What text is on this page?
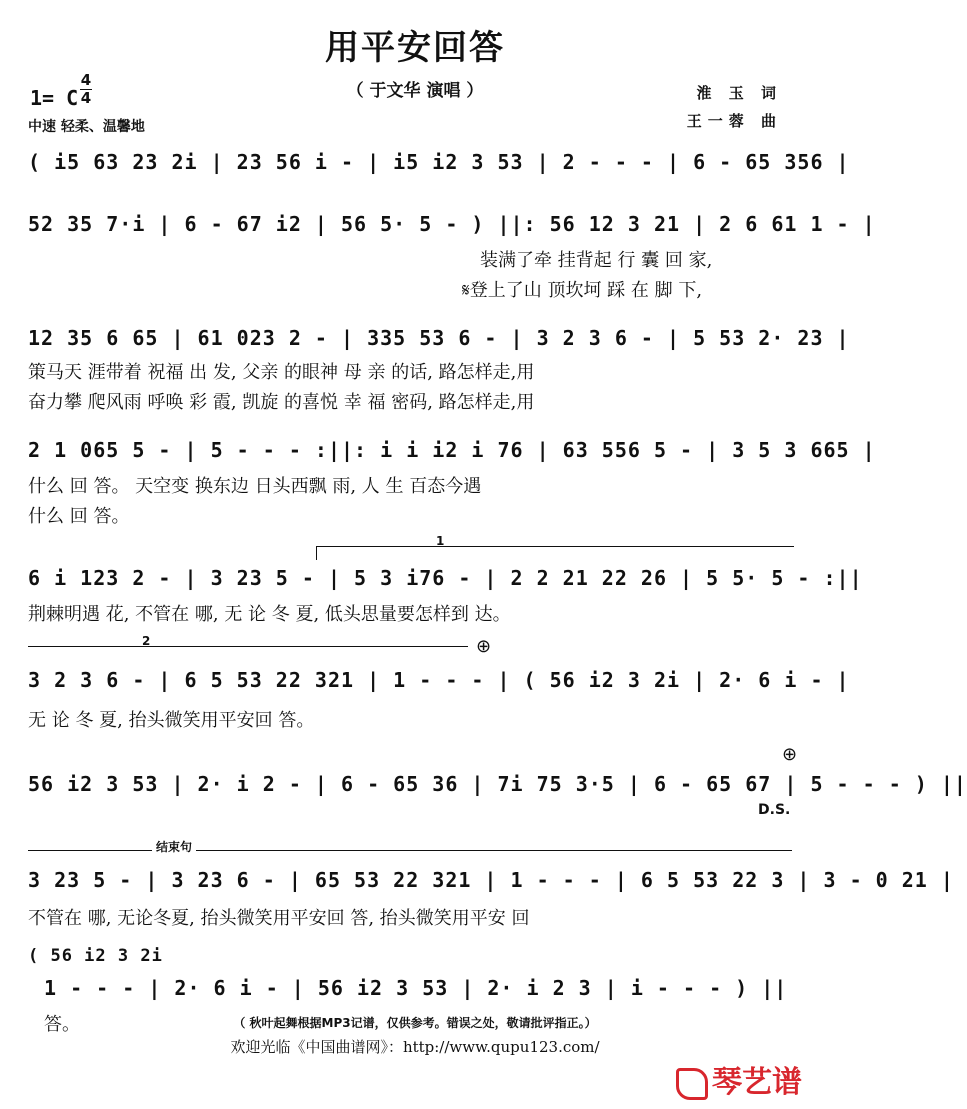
用平安回答
（ 于文华 演唱 ）
1= C
4
4
中速 轻柔、温馨地
淮 玉 词
王一蓉 曲
( i5 63 23 2i | 23 56 i - | i5 i2 3 53 | 2 - - - | 6 - 65 356 |
52 35 7·i | 6 - 67 i2 | 56 5· 5 - ) ||: 56 12 3 21 | 2 6 61 1 - |
装满了牵 挂背起 行 囊 回 家,
𝄋登上了山 顶坎坷 踩 在 脚 下,
12 35 6 65 | 61 023 2 - | 335 53 6 - | 3 2 3 6 - | 5 53 2· 23 |
策马天 涯带着 祝福 出 发, 父亲 的眼神 母 亲 的话, 路怎样走,用
奋力攀 爬风雨 呼唤 彩 霞, 凯旋 的喜悦 幸 福 密码, 路怎样走,用
2 1 065 5 - | 5 - - - :||: i i i2 i 76 | 63 556 5 - | 3 5 3 665 |
什么 回 答。 天空变 换东边 日头西飘 雨, 人 生 百态今遇
什么 回 答。
1
6 i 123 2 - | 3 23 5 - | 5 3 i76 - | 2 2 21 22 26 | 5 5· 5 - :||
荆棘明遇 花, 不管在 哪, 无 论 冬 夏, 低头思量要怎样到 达。
2	⊕
3 2 3 6 - | 6 5 53 22 321 | 1 - - - | ( 56 i2 3 2i | 2· 6 i - |
无 论 冬 夏, 抬头微笑用平安回 答。
⊕
56 i2 3 53 | 2· i 2 - | 6 - 65 36 | 7i 75 3·5 | 6 - 65 67 | 5 - - - ) ||
D.S.
结束句
3 23 5 - | 3 23 6 - | 65 53 22 321 | 1 - - - | 6 5 53 22 3 | 3 - 0 21 |
不管在 哪, 无论冬夏, 抬头微笑用平安回 答, 抬头微笑用平安 回
( 56 i2 3 2i
1 - - - | 2· 6 i - | 56 i2 3 53 | 2· i 2 3 | i - - - ) ||
答。	（ 秋叶起舞根据MP3记谱，仅供参考。错误之处，敬请批评指正。）
欢迎光临《中国曲谱网》：http://www.qupu123.com/
琴艺谱
